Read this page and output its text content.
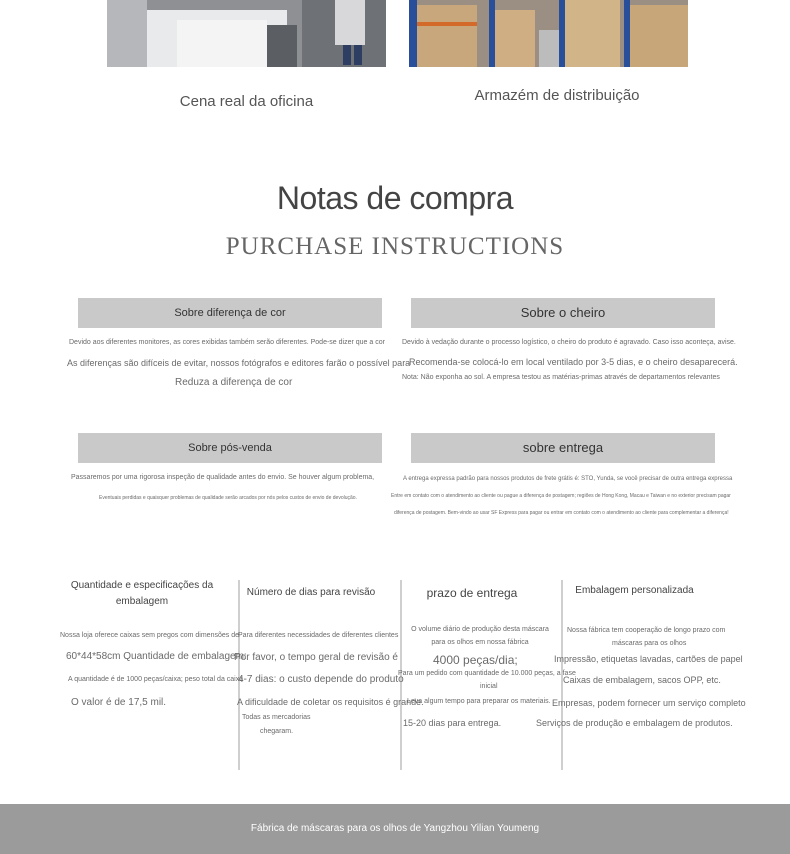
Cena real da oficina	Armazém de distribuição
Notas de compra
PURCHASE INSTRUCTIONS
Sobre diferença de cor
Devido aos diferentes monitores, as cores exibidas também serão diferentes. Pode-se dizer que a cor
As diferenças são difíceis de evitar, nossos fotógrafos e editores farão o possível para
Reduza a diferença de cor
Sobre o cheiro
Devido à vedação durante o processo logístico, o cheiro do produto é agravado. Caso isso aconteça, avise.
Recomenda-se colocá-lo em local ventilado por 3-5 dias, e o cheiro desaparecerá.
Nota: Não exponha ao sol. A empresa testou as matérias-primas através de departamentos relevantes
Sobre pós-venda
Passaremos por uma rigorosa inspeção de qualidade antes do envio. Se houver algum problema,
Eventuais perdidas e quaisquer problemas de qualidade serão arcados por nós pelos custos de envio de devolução.
sobre entrega
A entrega expressa padrão para nossos produtos de frete grátis é: STO, Yunda, se você precisar de outra entrega expressa
Entre em contato com o atendimento ao cliente ou pague a diferença de postagem; regiões de Hong Kong, Macau e Taiwan e no exterior precisam pagar
diferença de postagem. Bem-vindo ao usar SF Express para pagar ou entrar em contato com o atendimento ao cliente para complementar a diferença!
Quantidade e especificações da embalagem
Nossa loja oferece caixas sem pregos com dimensões de
60*44*58cm Quantidade de embalagem:
A quantidade é de 1000 peças/caixa; peso total da caixa
O valor é de 17,5 mil.
Número de dias para revisão
Para diferentes necessidades de diferentes clientes
Por favor, o tempo geral de revisão é
4-7 dias: o custo depende do produto
A dificuldade de coletar os requisitos é grande.
Todas as mercadorias
chegaram.
prazo de entrega
O volume diário de produção desta máscara
para os olhos em nossa fábrica
4000 peças/dia;
Para um pedido com quantidade de 10.000 peças, a fase
inicial
Leva algum tempo para preparar os materiais.
15-20 dias para entrega.
Embalagem personalizada
Nossa fábrica tem cooperação de longo prazo com
máscaras para os olhos
Impressão, etiquetas lavadas, cartões de papel
Caixas de embalagem, sacos OPP, etc.
Empresas, podem fornecer um serviço completo
Serviços de produção e embalagem de produtos.
Fábrica de máscaras para os olhos de Yangzhou Yilian Youmeng
